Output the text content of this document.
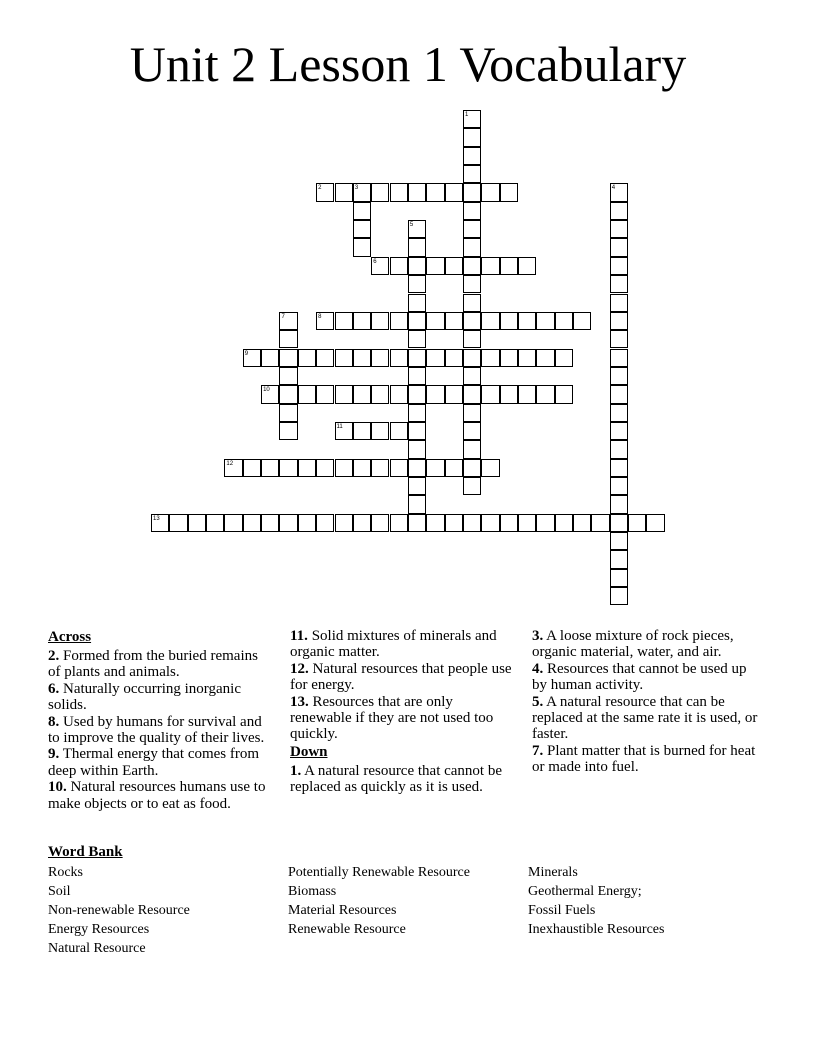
Unit 2 Lesson 1 Vocabulary
1
2	3	4
5
6
7	8
9
10
11
12
13
Across
2. Formed from the buried remains of plants and animals.
6. Naturally occurring inorganic solids.
8. Used by humans for survival and to improve the quality of their lives.
9. Thermal energy that comes from deep within Earth.
10. Natural resources humans use to make objects or to eat as food.
11. Solid mixtures of minerals and organic matter.
12. Natural resources that people use for energy.
13. Resources that are only renewable if they are not used too quickly.
Down
1. A natural resource that cannot be replaced as quickly as it is used.
3. A loose mixture of rock pieces, organic material, water, and air.
4. Resources that cannot be used up by human activity.
5. A natural resource that can be replaced at the same rate it is used, or faster.
7. Plant matter that is burned for heat or made into fuel.
Word Bank
Rocks
Soil
Non-renewable Resource
Energy Resources
Natural Resource
Potentially Renewable Resource
Biomass
Material Resources
Renewable Resource
Minerals
Geothermal Energy;
Fossil Fuels
Inexhaustible Resources
